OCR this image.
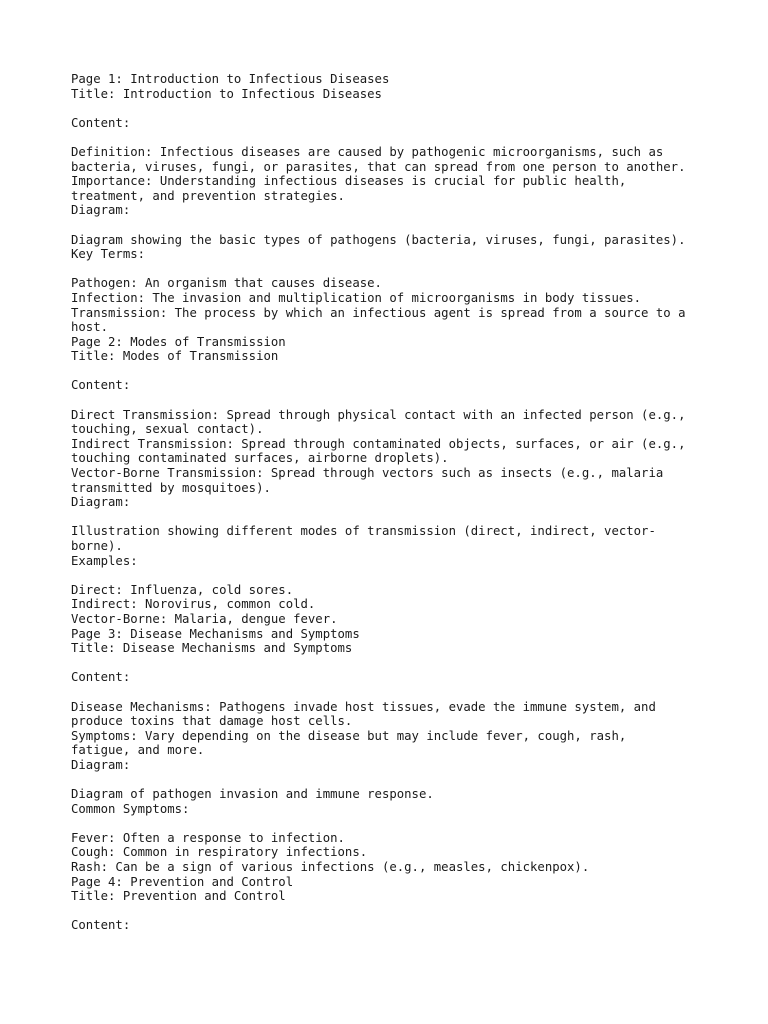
Page 1: Introduction to Infectious Diseases
Title: Introduction to Infectious Diseases
Content:
Definition: Infectious diseases are caused by pathogenic microorganisms, such as
bacteria, viruses, fungi, or parasites, that can spread from one person to another.
Importance: Understanding infectious diseases is crucial for public health,
treatment, and prevention strategies.
Diagram:
Diagram showing the basic types of pathogens (bacteria, viruses, fungi, parasites).
Key Terms:
Pathogen: An organism that causes disease.
Infection: The invasion and multiplication of microorganisms in body tissues.
Transmission: The process by which an infectious agent is spread from a source to a
host.
Page 2: Modes of Transmission
Title: Modes of Transmission
Content:
Direct Transmission: Spread through physical contact with an infected person (e.g.,
touching, sexual contact).
Indirect Transmission: Spread through contaminated objects, surfaces, or air (e.g.,
touching contaminated surfaces, airborne droplets).
Vector-Borne Transmission: Spread through vectors such as insects (e.g., malaria
transmitted by mosquitoes).
Diagram:
Illustration showing different modes of transmission (direct, indirect, vector-
borne).
Examples:
Direct: Influenza, cold sores.
Indirect: Norovirus, common cold.
Vector-Borne: Malaria, dengue fever.
Page 3: Disease Mechanisms and Symptoms
Title: Disease Mechanisms and Symptoms
Content:
Disease Mechanisms: Pathogens invade host tissues, evade the immune system, and
produce toxins that damage host cells.
Symptoms: Vary depending on the disease but may include fever, cough, rash,
fatigue, and more.
Diagram:
Diagram of pathogen invasion and immune response.
Common Symptoms:
Fever: Often a response to infection.
Cough: Common in respiratory infections.
Rash: Can be a sign of various infections (e.g., measles, chickenpox).
Page 4: Prevention and Control
Title: Prevention and Control
Content:
